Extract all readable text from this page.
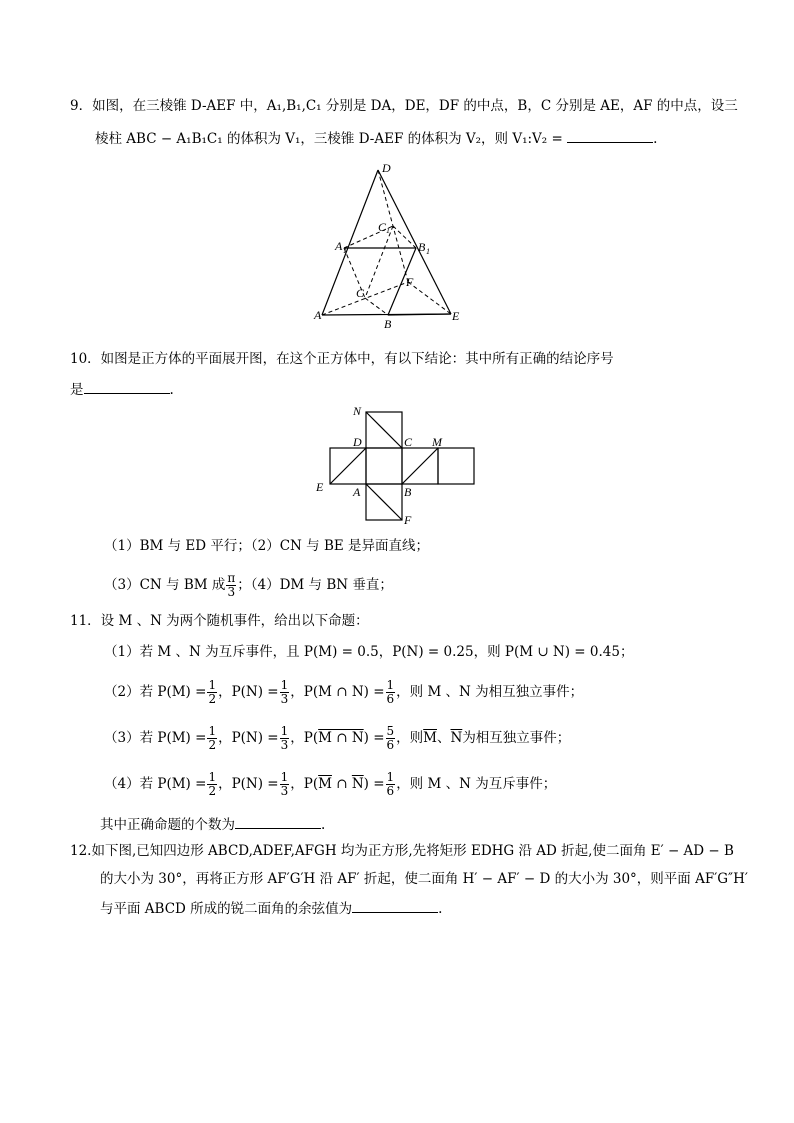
9．如图，在三棱锥 D-AEF 中，A₁,B₁,C₁ 分别是 DA，DE，DF 的中点，B，C 分别是 AE，AF 的中点，设三
棱柱 ABC − A₁B₁C₁ 的体积为 V₁，三棱锥 D-AEF 的体积为 V₂，则 V₁:V₂ =	.
D
C 1
A 1	B 1
C
F
A
B
E
10．如图是正方体的平面展开图，在这个正方体中，有以下结论：其中所有正确的结论序号
是	.
N
D	C M
E A	B
F
（1）BM 与 ED 平行；（2）CN 与 BE 是异面直线；
（3）CN 与 BM 成 $\frac{\pi}{3}$ ；（4）DM 与 BN 垂直；
11．设 M 、N 为两个随机事件，给出以下命题：
（1）若 M 、N 为互斥事件，且 P(M) = 0.5，P(N) = 0.25，则 P(M ∪ N) = 0.45；
（2）若 $P(M) = \frac{1}{2}$ ，$P(N) = \frac{1}{3}$ ，P(M ∩ $N) = \frac{1}{6}$ ，则 M 、N 为相互独立事件；
（3）若 $P(M) = \frac{1}{2}$ ，$P(N) = \frac{1}{3}$ ，P(M ∩ $N) = \frac{5}{6}$ ，则$\overline{M}$、$\overline{N}$为相互独立事件；
（4）若 $P(M) = \frac{1}{2}$ ，$P(N) = \frac{1}{3}$ ，$P(\overline{M}$ ∩ $\overline{N}) = \frac{1}{6}$ ，则 M 、N 为互斥事件；
其中正确命题的个数为	.
12.如下图,已知四边形 ABCD,ADEF,AFGH 均为正方形,先将矩形 EDHG 沿 AD 折起,使二面角 E′ − AD − B
的大小为 30°，再将正方形 AF′G′H 沿 AF′ 折起，使二面角 H′ − AF′ − D 的大小为 30°，则平面 AF′G″H′
与平面 ABCD 所成的锐二面角的余弦值为	.
